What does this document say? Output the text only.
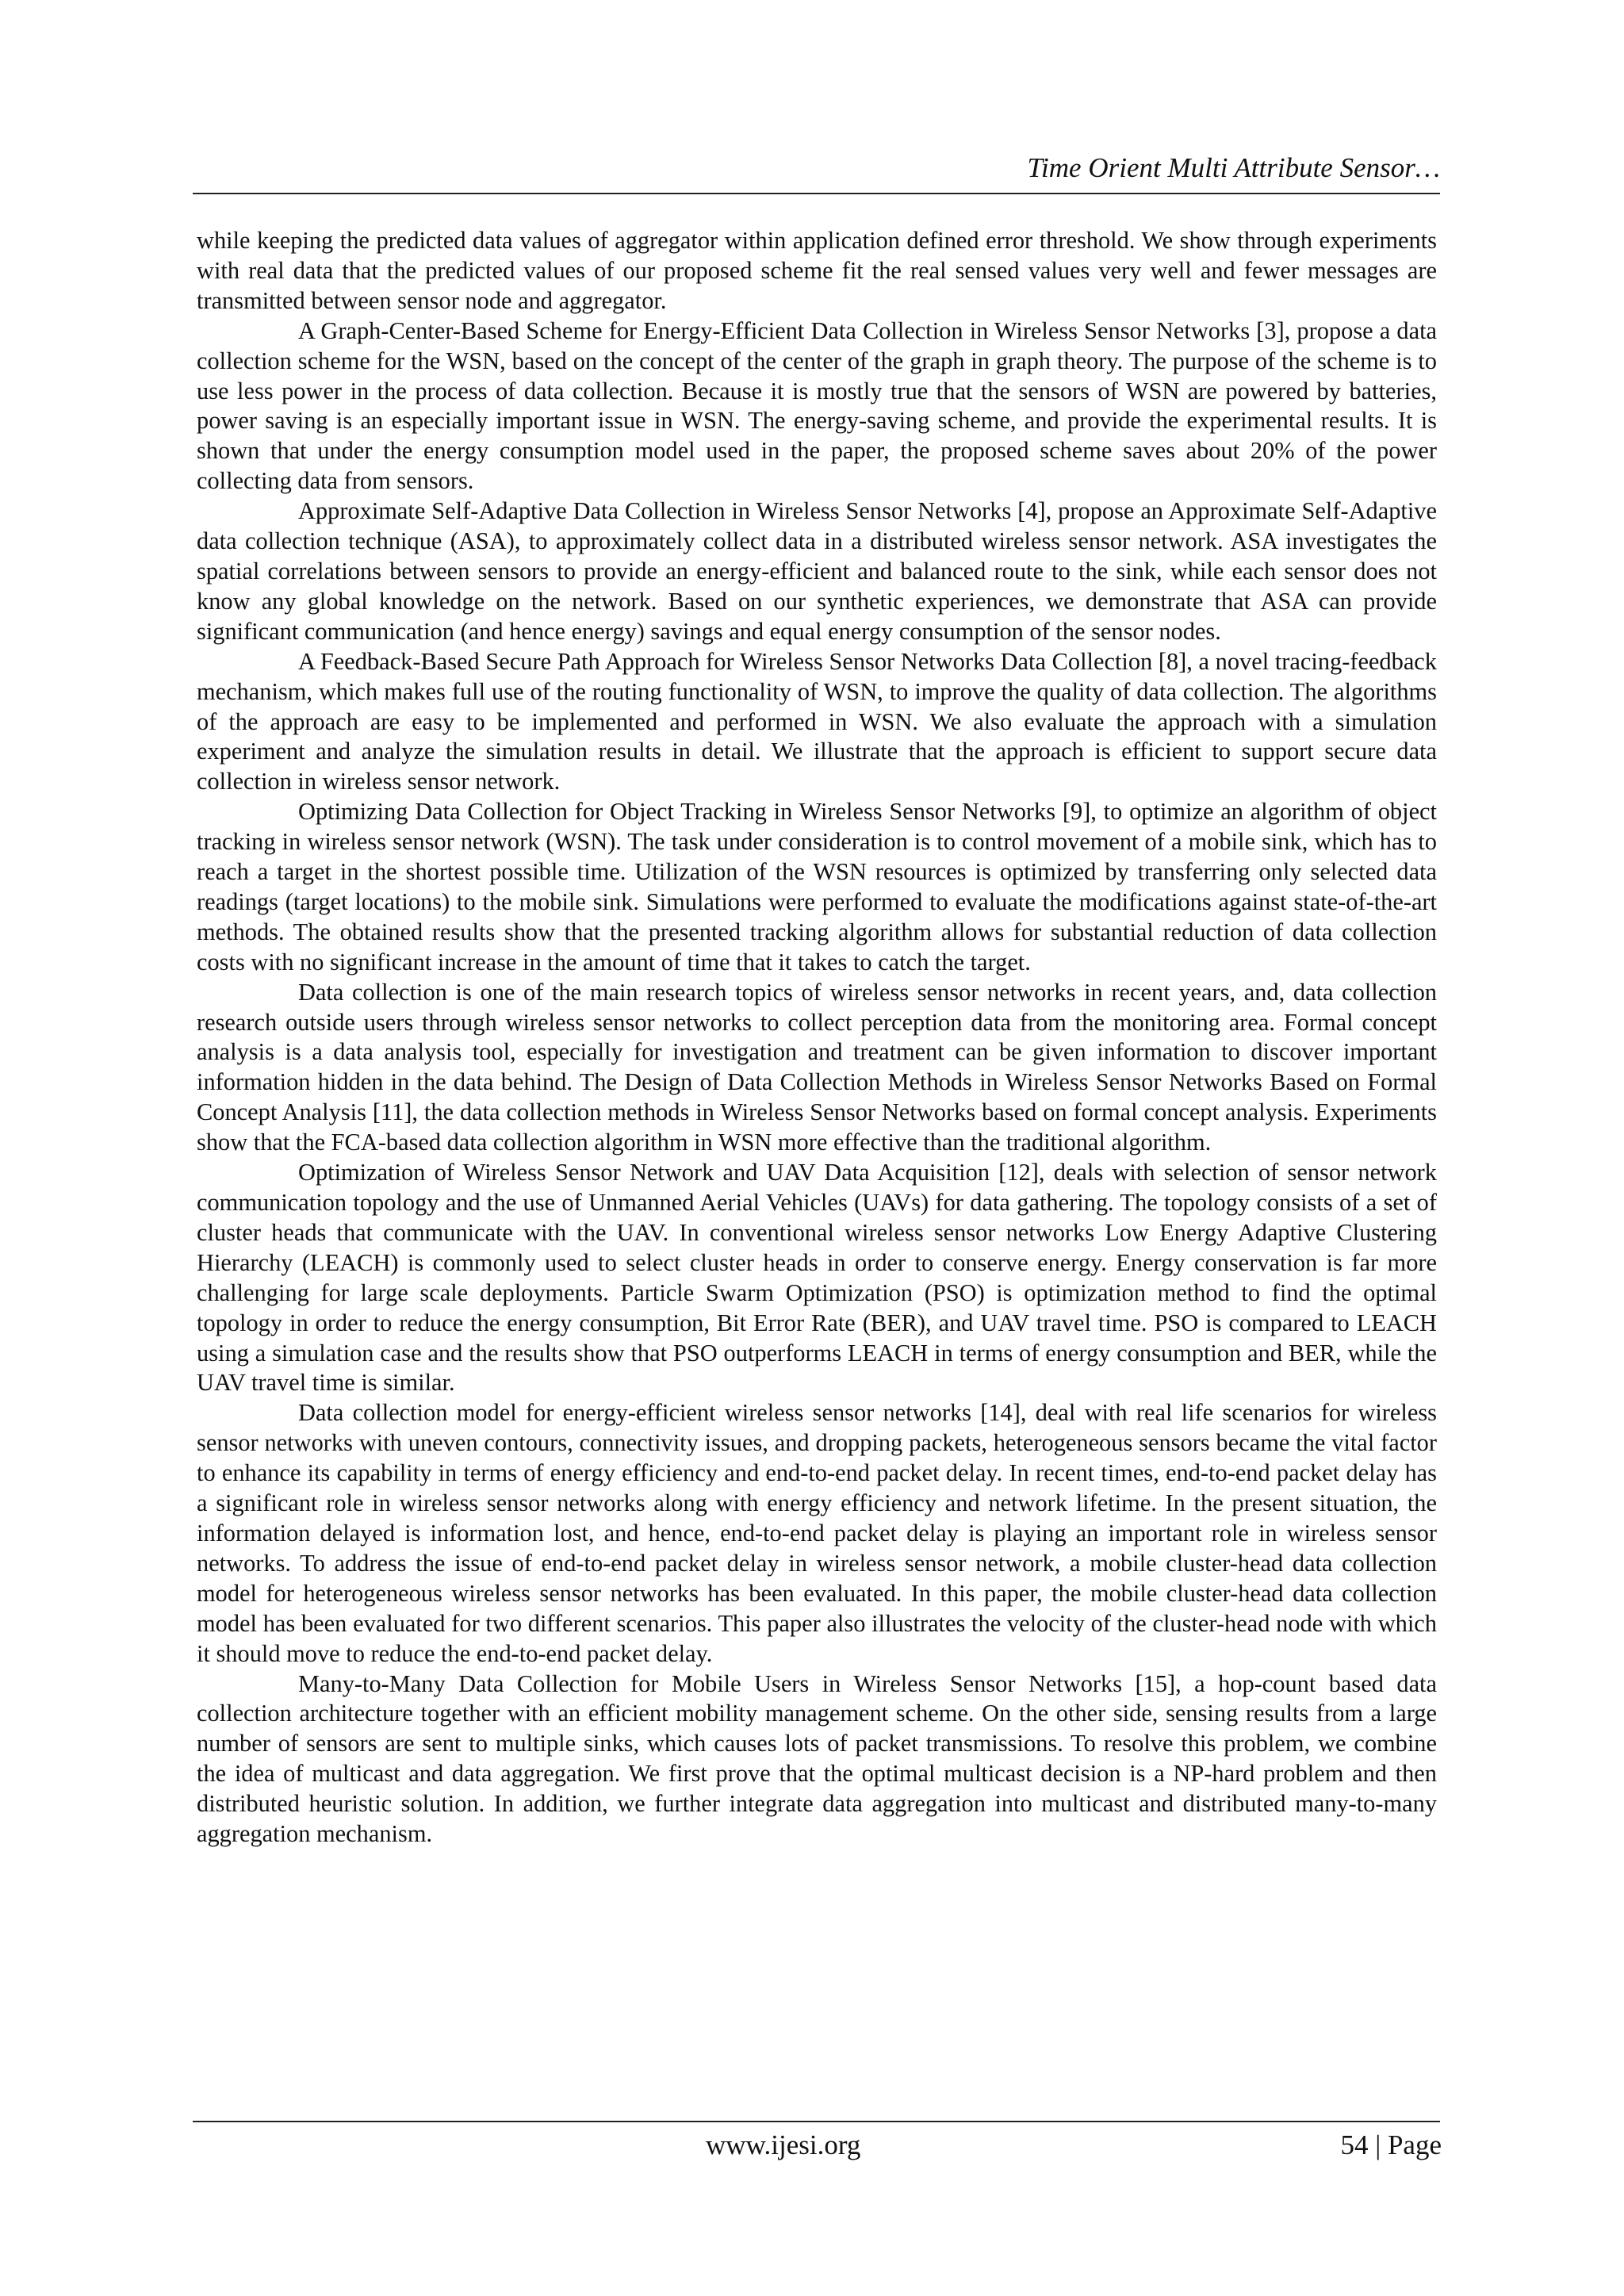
Time Orient Multi Attribute Sensor…

while keeping the predicted data values of aggregator within application defined error threshold. We show through experiments with real data that the predicted values of our proposed scheme fit the real sensed values very well and fewer messages are transmitted between sensor node and aggregator.

A Graph-Center-Based Scheme for Energy-Efficient Data Collection in Wireless Sensor Networks [3], propose a data collection scheme for the WSN, based on the concept of the center of the graph in graph theory. The purpose of the scheme is to use less power in the process of data collection. Because it is mostly true that the sensors of WSN are powered by batteries, power saving is an especially important issue in WSN. The energy-saving scheme, and provide the experimental results. It is shown that under the energy consumption model used in the paper, the proposed scheme saves about 20% of the power collecting data from sensors.

Approximate Self-Adaptive Data Collection in Wireless Sensor Networks [4], propose an Approximate Self-Adaptive data collection technique (ASA), to approximately collect data in a distributed wireless sensor network. ASA investigates the spatial correlations between sensors to provide an energy-efficient and balanced route to the sink, while each sensor does not know any global knowledge on the network. Based on our synthetic experiences, we demonstrate that ASA can provide significant communication (and hence energy) savings and equal energy consumption of the sensor nodes.

A Feedback-Based Secure Path Approach for Wireless Sensor Networks Data Collection [8], a novel tracing-feedback mechanism, which makes full use of the routing functionality of WSN, to improve the quality of data collection. The algorithms of the approach are easy to be implemented and performed in WSN. We also evaluate the approach with a simulation experiment and analyze the simulation results in detail. We illustrate that the approach is efficient to support secure data collection in wireless sensor network.

Optimizing Data Collection for Object Tracking in Wireless Sensor Networks [9], to optimize an algorithm of object tracking in wireless sensor network (WSN). The task under consideration is to control movement of a mobile sink, which has to reach a target in the shortest possible time. Utilization of the WSN resources is optimized by transferring only selected data readings (target locations) to the mobile sink. Simulations were performed to evaluate the modifications against state-of-the-art methods. The obtained results show that the presented tracking algorithm allows for substantial reduction of data collection costs with no significant increase in the amount of time that it takes to catch the target.

Data collection is one of the main research topics of wireless sensor networks in recent years, and, data collection research outside users through wireless sensor networks to collect perception data from the monitoring area. Formal concept analysis is a data analysis tool, especially for investigation and treatment can be given information to discover important information hidden in the data behind. The Design of Data Collection Methods in Wireless Sensor Networks Based on Formal Concept Analysis [11], the data collection methods in Wireless Sensor Networks based on formal concept analysis. Experiments show that the FCA-based data collection algorithm in WSN more effective than the traditional algorithm.

Optimization of Wireless Sensor Network and UAV Data Acquisition [12], deals with selection of sensor network communication topology and the use of Unmanned Aerial Vehicles (UAVs) for data gathering. The topology consists of a set of cluster heads that communicate with the UAV. In conventional wireless sensor networks Low Energy Adaptive Clustering Hierarchy (LEACH) is commonly used to select cluster heads in order to conserve energy. Energy conservation is far more challenging for large scale deployments. Particle Swarm Optimization (PSO) is optimization method to find the optimal topology in order to reduce the energy consumption, Bit Error Rate (BER), and UAV travel time. PSO is compared to LEACH using a simulation case and the results show that PSO outperforms LEACH in terms of energy consumption and BER, while the UAV travel time is similar.

Data collection model for energy-efficient wireless sensor networks [14], deal with real life scenarios for wireless sensor networks with uneven contours, connectivity issues, and dropping packets, heterogeneous sensors became the vital factor to enhance its capability in terms of energy efficiency and end-to-end packet delay. In recent times, end-to-end packet delay has a significant role in wireless sensor networks along with energy efficiency and network lifetime. In the present situation, the information delayed is information lost, and hence, end-to-end packet delay is playing an important role in wireless sensor networks. To address the issue of end-to-end packet delay in wireless sensor network, a mobile cluster-head data collection model for heterogeneous wireless sensor networks has been evaluated. In this paper, the mobile cluster-head data collection model has been evaluated for two different scenarios. This paper also illustrates the velocity of the cluster-head node with which it should move to reduce the end-to-end packet delay.

Many-to-Many Data Collection for Mobile Users in Wireless Sensor Networks [15], a hop-count based data collection architecture together with an efficient mobility management scheme. On the other side, sensing results from a large number of sensors are sent to multiple sinks, which causes lots of packet transmissions. To resolve this problem, we combine the idea of multicast and data aggregation. We first prove that the optimal multicast decision is a NP-hard problem and then distributed heuristic solution. In addition, we further integrate data aggregation into multicast and distributed many-to-many aggregation mechanism.

www.ijesi.org	54 | Page
